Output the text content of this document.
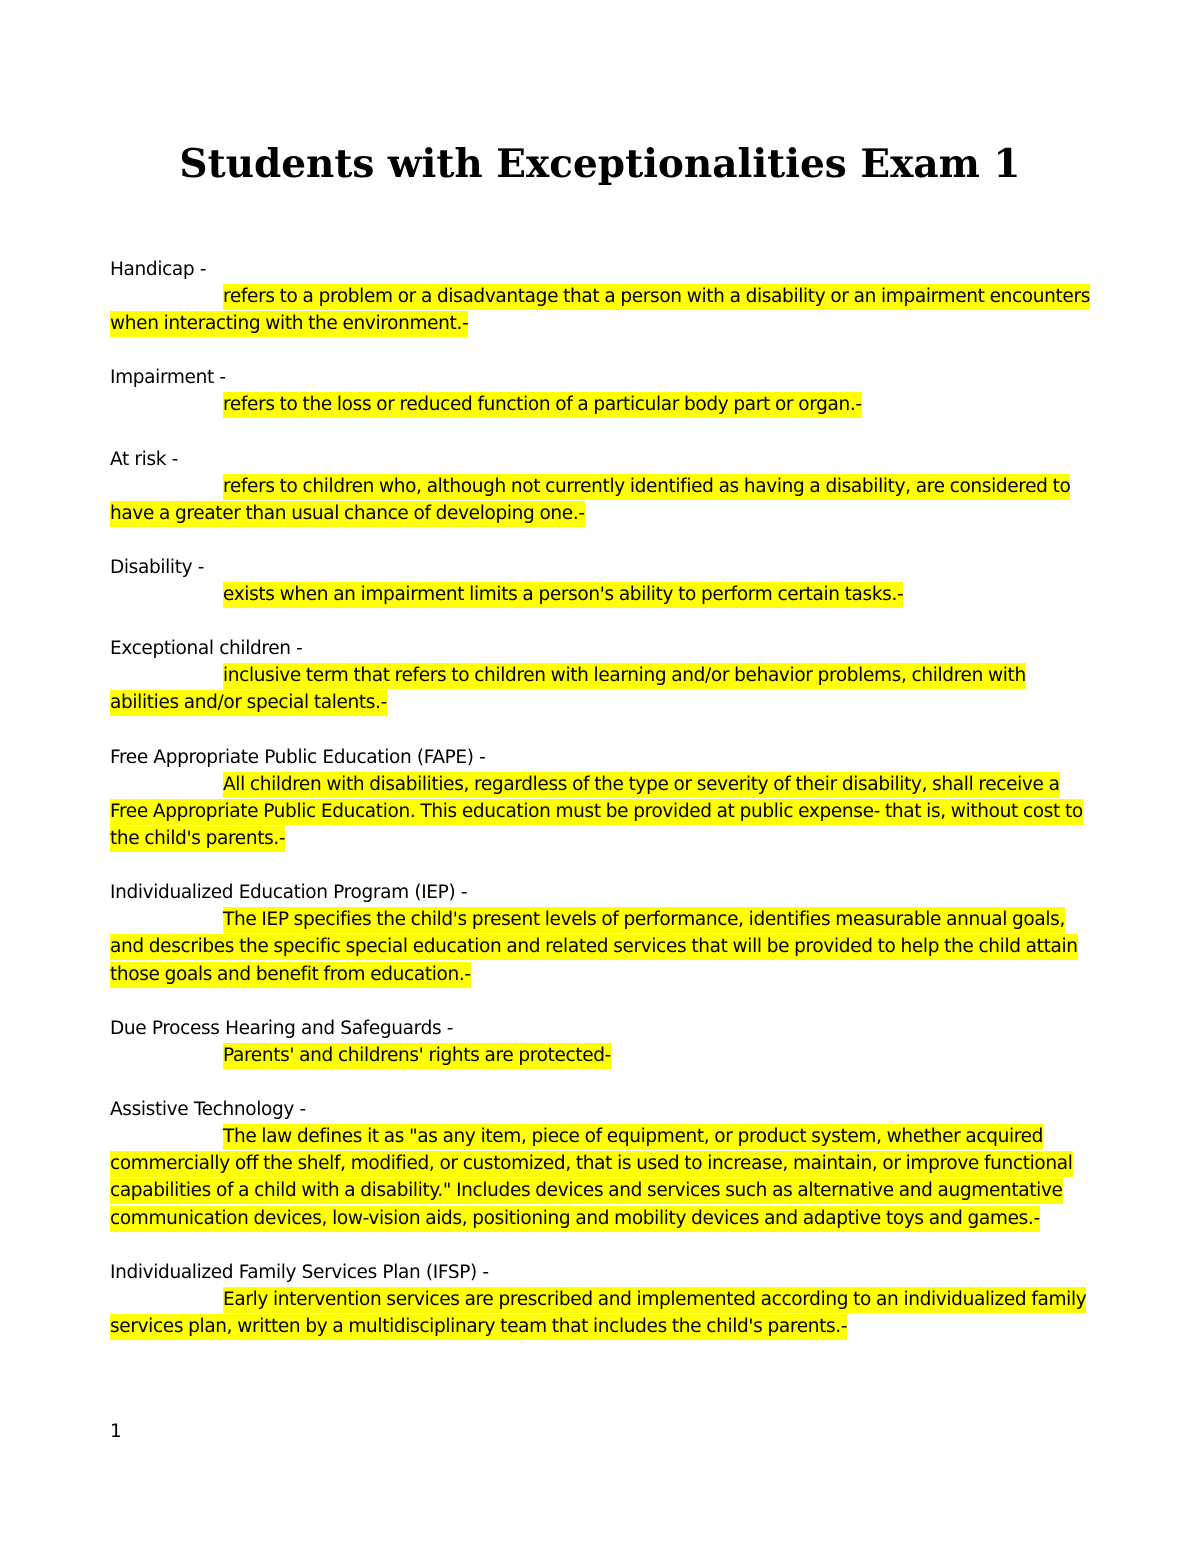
Students with Exceptionalities Exam 1
Handicap -

refers to a problem or a disadvantage that a person with a disability or an impairment encounters when interacting with the environment.-

Impairment -

refers to the loss or reduced function of a particular body part or organ.-

At risk -

refers to children who, although not currently identified as having a disability, are considered to have a greater than usual chance of developing one.-

Disability -

exists when an impairment limits a person's ability to perform certain tasks.-

Exceptional children -

inclusive term that refers to children with learning and/or behavior problems, children with abilities and/or special talents.-

Free Appropriate Public Education (FAPE) -

All children with disabilities, regardless of the type or severity of their disability, shall receive a Free Appropriate Public Education. This education must be provided at public expense- that is, without cost to the child's parents.-

Individualized Education Program (IEP) -

The IEP specifies the child's present levels of performance, identifies measurable annual goals, and describes the specific special education and related services that will be provided to help the child attain those goals and benefit from education.-

Due Process Hearing and Safeguards -

Parents' and childrens' rights are protected-

Assistive Technology -

The law defines it as "as any item, piece of equipment, or product system, whether acquired commercially off the shelf, modified, or customized, that is used to increase, maintain, or improve functional capabilities of a child with a disability." Includes devices and services such as alternative and augmentative communication devices, low-vision aids, positioning and mobility devices and adaptive toys and games.-

Individualized Family Services Plan (IFSP) -

Early intervention services are prescribed and implemented according to an individualized family services plan, written by a multidisciplinary team that includes the child's parents.-

1
